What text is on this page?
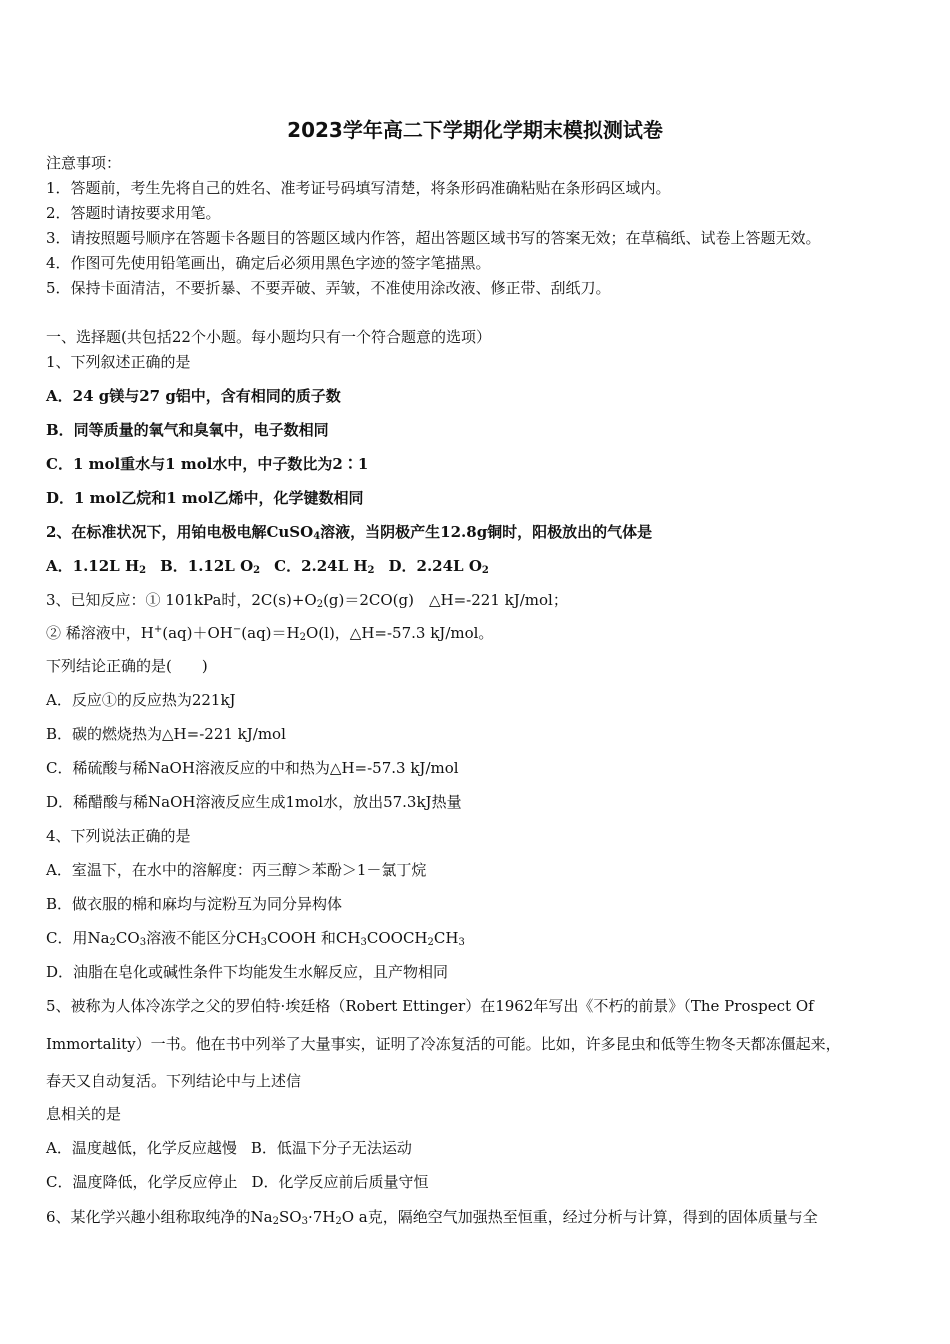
2023学年高二下学期化学期末模拟测试卷
注意事项：
1．答题前，考生先将自己的姓名、准考证号码填写清楚，将条形码准确粘贴在条形码区域内。
2．答题时请按要求用笔。
3．请按照题号顺序在答题卡各题目的答题区域内作答，超出答题区域书写的答案无效；在草稿纸、试卷上答题无效。
4．作图可先使用铅笔画出，确定后必须用黑色字迹的签字笔描黑。
5．保持卡面清洁，不要折暴、不要弄破、弄皱，不准使用涂改液、修正带、刮纸刀。
一、选择题(共包括22个小题。每小题均只有一个符合题意的选项）
1、下列叙述正确的是
A．24 g镁与27 g铝中，含有相同的质子数
B．同等质量的氧气和臭氧中，电子数相同
C．1 mol重水与1 mol水中，中子数比为2∶1
D．1 mol乙烷和1 mol乙烯中，化学键数相同
2、在标准状况下，用铂电极电解CuSO$_4$溶液，当阴极产生12.8g铜时，阳极放出的气体是
A．1.12L $H_2$ B．1.12L $O_2$ C．2.24L $H_2$ D．2.24L $O_2$
3、已知反应：① 101kPa时，$2C(s)+O_2(g)=2CO(g)$　△H=-221 kJ/mol；
② 稀溶液中，$H^+(aq)+OH^-(aq)=H_2O(l)$，△H=-57.3 kJ/mol。
下列结论正确的是(　　)
A．反应①的反应热为221kJ
B．碳的燃烧热为△H=-221 kJ/mol
C．稀硫酸与稀NaOH溶液反应的中和热为△H=-57.3 kJ/mol
D．稀醋酸与稀NaOH溶液反应生成1mol水，放出57.3kJ热量
4、下列说法正确的是
A．室温下，在水中的溶解度：丙三醇＞苯酚＞1－氯丁烷
B．做衣服的棉和麻均与淀粉互为同分异构体
C．用$Na_2CO_3$溶液不能区分$CH_3COOH$ 和$CH_3COOCH_2CH_3$
D．油脂在皂化或碱性条件下均能发生水解反应，且产物相同
5、被称为人体冷冻学之父的罗伯特·埃廷格（Robert Ettinger）在1962年写出《不朽的前景》（The Prospect Of
Immortality）一书。他在书中列举了大量事实，证明了冷冻复活的可能。比如，许多昆虫和低等生物冬天都冻僵起来，
春天又自动复活。下列结论中与上述信
息相关的是
A．温度越低，化学反应越慢 B．低温下分子无法运动
C．温度降低，化学反应停止 D．化学反应前后质量守恒
6、某化学兴趣小组称取纯净的$Na_2SO_3\cdot 7H_2O$ a克，隔绝空气加强热至恒重，经过分析与计算，得到的固体质量与全
